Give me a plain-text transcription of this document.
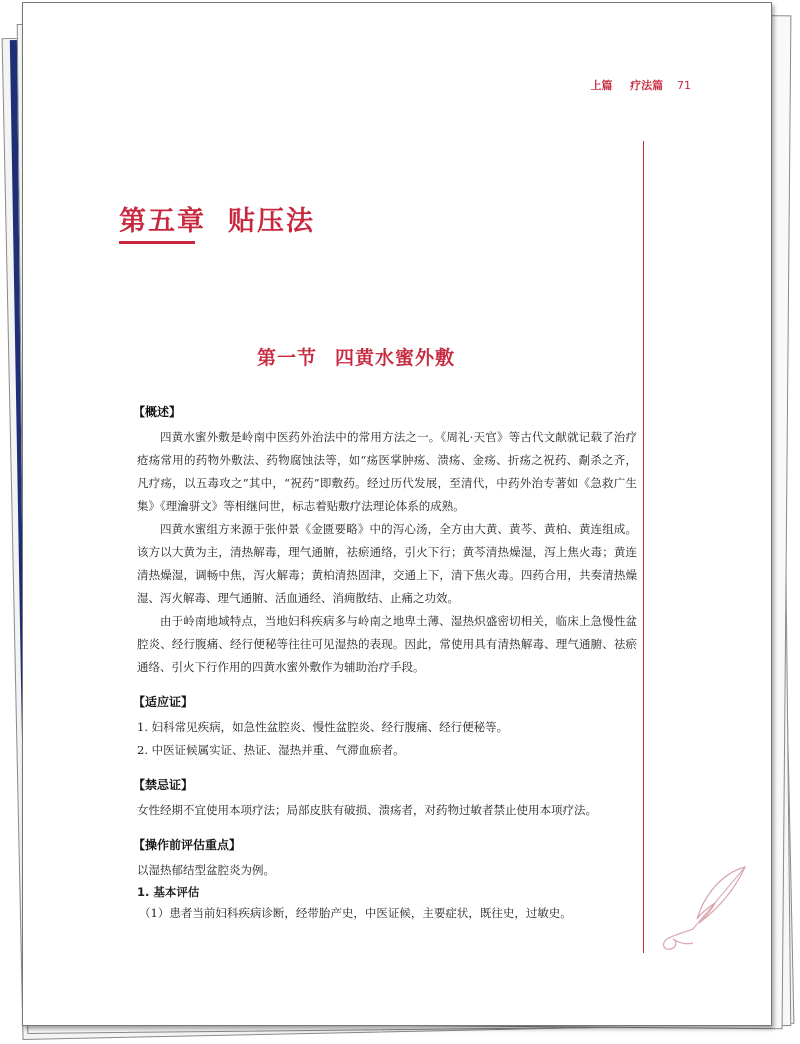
上篇 疗法篇 71
第五章 贴压法
第一节 四黄水蜜外敷

【概述】

四黄水蜜外敷是岭南中医药外治法中的常用方法之一。《周礼·天官》等古代文献就记载了治疗疮疡常用的药物外敷法、药物腐蚀法等，如“疡医掌肿疡、溃疡、金疡、折疡之祝药、劀杀之齐，凡疗疡，以五毒攻之”其中，“祝药”即敷药。经过历代发展，至清代，中药外治专著如《急救广生集》《理瀹骈文》等相继问世，标志着贴敷疗法理论体系的成熟。

四黄水蜜组方来源于张仲景《金匮要略》中的泻心汤，全方由大黄、黄芩、黄柏、黄连组成。该方以大黄为主，清热解毒，理气通腑，祛瘀通络，引火下行；黄芩清热燥湿，泻上焦火毒；黄连清热燥湿，调畅中焦，泻火解毒；黄柏清热固津，交通上下，清下焦火毒。四药合用，共奏清热燥湿、泻火解毒、理气通腑、活血通经、消痈散结、止痛之功效。

由于岭南地域特点，当地妇科疾病多与岭南之地卑土薄、湿热炽盛密切相关，临床上急慢性盆腔炎、经行腹痛、经行便秘等往往可见湿热的表现。因此，常使用具有清热解毒、理气通腑、祛瘀通络、引火下行作用的四黄水蜜外敷作为辅助治疗手段。

【适应证】

1. 妇科常见疾病，如急性盆腔炎、慢性盆腔炎、经行腹痛、经行便秘等。

2. 中医证候属实证、热证、湿热并重、气滞血瘀者。

【禁忌证】

女性经期不宜使用本项疗法；局部皮肤有破损、溃疡者，对药物过敏者禁止使用本项疗法。

【操作前评估重点】

以湿热郁结型盆腔炎为例。

1. 基本评估

（1）患者当前妇科疾病诊断，经带胎产史，中医证候，主要症状，既往史，过敏史。
